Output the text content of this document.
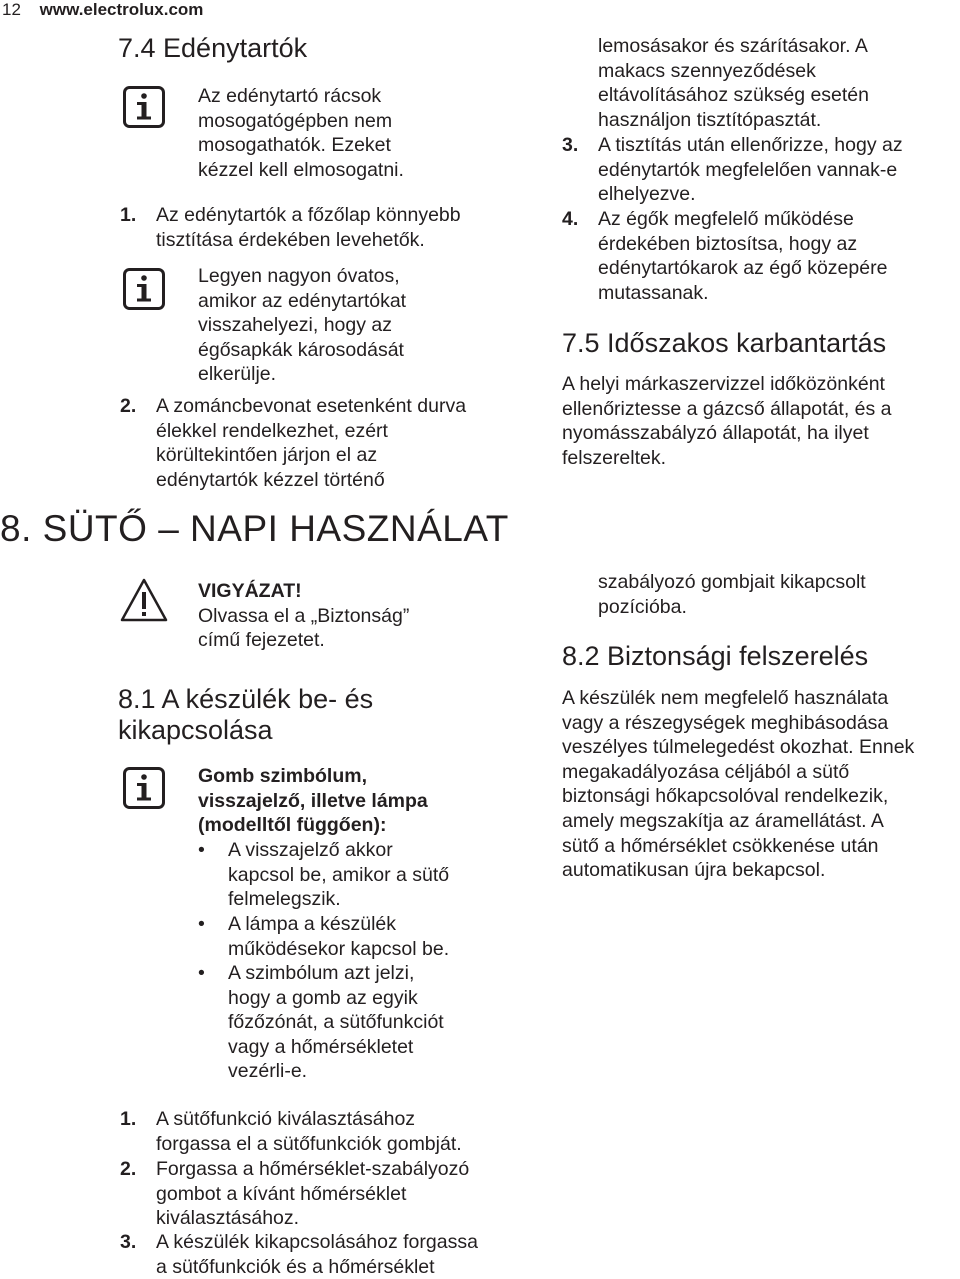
12 www.electrolux.com
7.4 Edénytartók
Az edénytartó rácsok
mosogatógépben nem
mosogathatók. Ezeket
kézzel kell elmosogatni.
1. Az edénytartók a főzőlap könnyebb
tisztítása érdekében levehetők.
Legyen nagyon óvatos,
amikor az edénytartókat
visszahelyezi, hogy az
égősapkák károsodását
elkerülje.
2. A zománcbevonat esetenként durva
élekkel rendelkezhet, ezért
körültekintően járjon el az
edénytartók kézzel történő
lemosásakor és szárításakor. A
makacs szennyeződések
eltávolításához szükség esetén
használjon tisztítópasztát.
3. A tisztítás után ellenőrizze, hogy az
edénytartók megfelelően vannak-e
elhelyezve.
4. Az égők megfelelő működése
érdekében biztosítsa, hogy az
edénytartókarok az égő közepére
mutassanak.
7.5 Időszakos karbantartás
A helyi márkaszervizzel időközönként
ellenőriztesse a gázcső állapotát, és a
nyomásszabályzó állapotát, ha ilyet
felszereltek.
8. SÜTŐ – NAPI HASZNÁLAT
VIGYÁZAT!
Olvassa el a „Biztonság”
című fejezetet.
8.1 A készülék be- és
kikapcsolása
Gomb szimbólum,
visszajelző, illetve lámpa
(modelltől függően):
• A visszajelző akkor
kapcsol be, amikor a sütő
felmelegszik.
• A lámpa a készülék
működésekor kapcsol be.
• A szimbólum azt jelzi,
hogy a gomb az egyik
főzőzónát, a sütőfunkciót
vagy a hőmérsékletet
vezérli-e.
1. A sütőfunkció kiválasztásához
forgassa el a sütőfunkciók gombját.
2. Forgassa a hőmérséklet-szabályozó
gombot a kívánt hőmérséklet
kiválasztásához.
3. A készülék kikapcsolásához forgassa
a sütőfunkciók és a hőmérséklet
szabályozó gombjait kikapcsolt
pozícióba.
8.2 Biztonsági felszerelés
A készülék nem megfelelő használata
vagy a részegységek meghibásodása
veszélyes túlmelegedést okozhat. Ennek
megakadályozása céljából a sütő
biztonsági hőkapcsolóval rendelkezik,
amely megszakítja az áramellátást. A
sütő a hőmérséklet csökkenése után
automatikusan újra bekapcsol.
